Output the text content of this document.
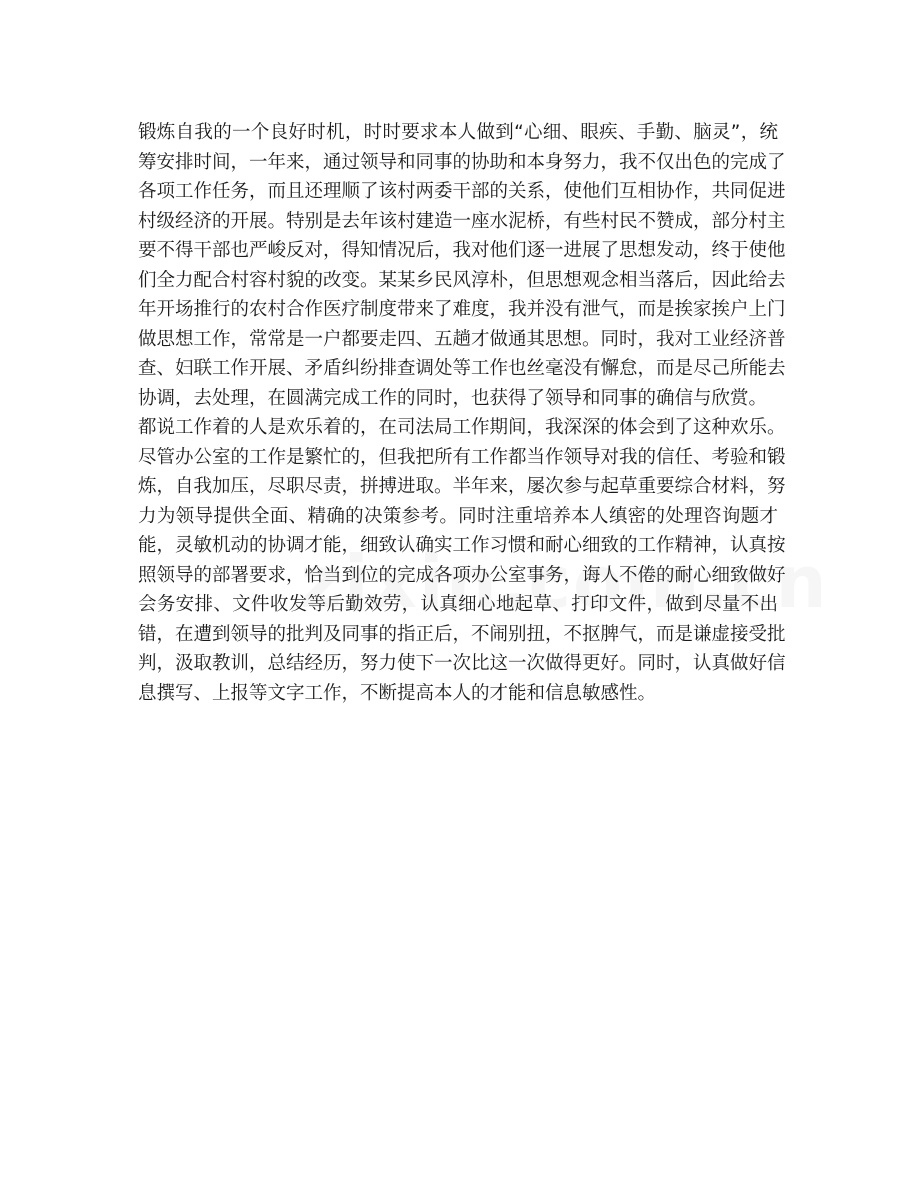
锻炼自我的一个良好时机，时时要求本人做到“心细、眼疾、手勤、脑灵”，统
筹安排时间，一年来，通过领导和同事的协助和本身努力，我不仅出色的完成了
各项工作任务，而且还理顺了该村两委干部的关系，使他们互相协作，共同促进
村级经济的开展。特别是去年该村建造一座水泥桥，有些村民不赞成，部分村主
要不得干部也严峻反对，得知情况后，我对他们逐一进展了思想发动，终于使他
们全力配合村容村貌的改变。某某乡民风淳朴，但思想观念相当落后，因此给去
年开场推行的农村合作医疗制度带来了难度，我并没有泄气，而是挨家挨户上门
做思想工作，常常是一户都要走四、五趟才做通其思想。同时，我对工业经济普
查、妇联工作开展、矛盾纠纷排查调处等工作也丝毫没有懈怠，而是尽己所能去
协调，去处理，在圆满完成工作的同时，也获得了领导和同事的确信与欣赏。
都说工作着的人是欢乐着的，在司法局工作期间，我深深的体会到了这种欢乐。
尽管办公室的工作是繁忙的，但我把所有工作都当作领导对我的信任、考验和锻
炼，自我加压，尽职尽责，拼搏进取。半年来，屡次参与起草重要综合材料，努
力为领导提供全面、精确的决策参考。同时注重培养本人缜密的处理咨询题才
能，灵敏机动的协调才能，细致认确实工作习惯和耐心细致的工作精神，认真按
照领导的部署要求，恰当到位的完成各项办公室事务，诲人不倦的耐心细致做好
会务安排、文件收发等后勤效劳，认真细心地起草、打印文件，做到尽量不出
错，在遭到领导的批判及同事的指正后，不闹别扭，不抠脾气，而是谦虚接受批
判，汲取教训，总结经历，努力使下一次比这一次做得更好。同时，认真做好信
息撰写、上报等文字工作，不断提高本人的才能和信息敏感性。
